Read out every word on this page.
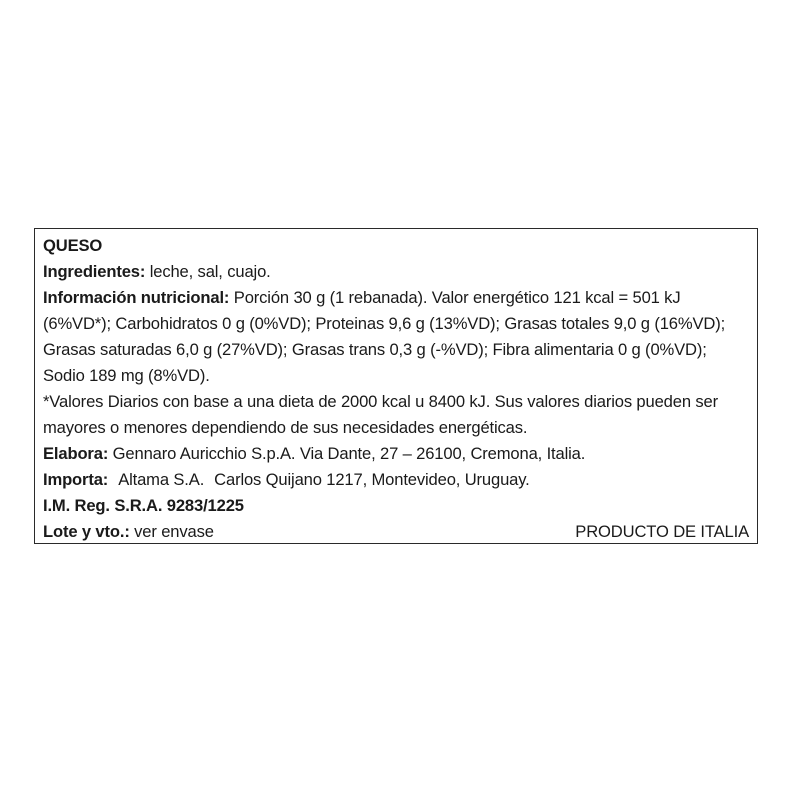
QUESO
Ingredientes: leche, sal, cuajo.
Información nutricional: Porción 30 g (1 rebanada). Valor energético 121 kcal = 501 kJ (6%VD*); Carbohidratos 0 g (0%VD); Proteinas 9,6 g (13%VD); Grasas totales 9,0 g (16%VD); Grasas saturadas 6,0 g (27%VD); Grasas trans 0,3 g (-%VD); Fibra alimentaria 0 g (0%VD); Sodio 189 mg (8%VD).
*Valores Diarios con base a una dieta de 2000 kcal u 8400 kJ. Sus valores diarios pueden ser mayores o menores dependiendo de sus necesidades energéticas.
Elabora: Gennaro Auricchio S.p.A. Via Dante, 27 – 26100, Cremona, Italia.
Importa: Altama S.A. Carlos Quijano 1217, Montevideo, Uruguay.
I.M. Reg. S.R.A. 9283/1225
Lote y vto.: ver envase	PRODUCTO DE ITALIA
